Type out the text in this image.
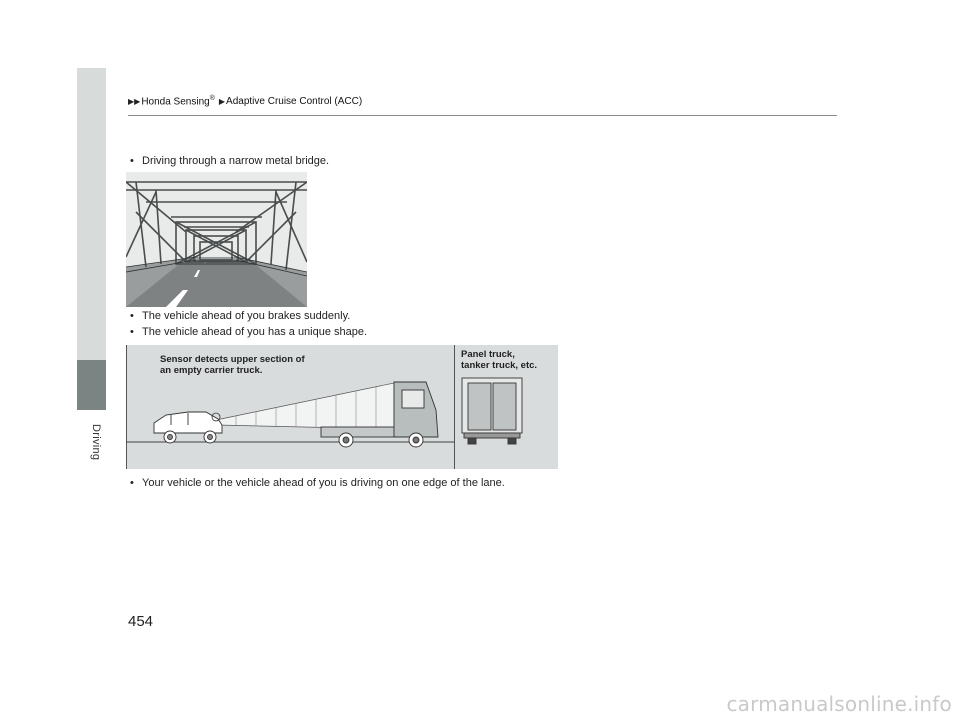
Driving
▶▶ Honda Sensing® ▶ Adaptive Cruise Control (ACC)
• Driving through a narrow metal bridge.
• The vehicle ahead of you brakes suddenly.
• The vehicle ahead of you has a unique shape.
Sensor detects upper section of
an empty carrier truck.
Panel truck,
tanker truck, etc.
• Your vehicle or the vehicle ahead of you is driving on one edge of the lane.
454
carmanualsonline.info
